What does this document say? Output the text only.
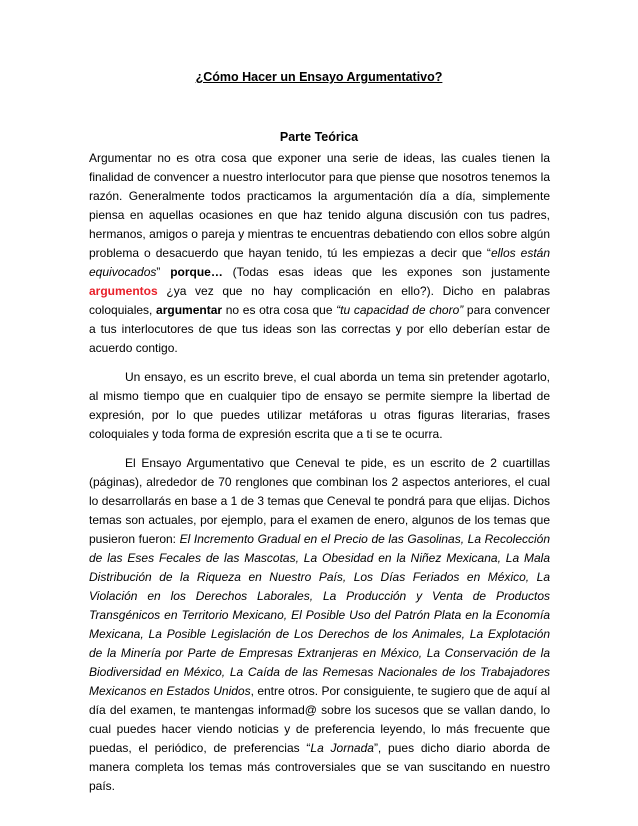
¿Cómo Hacer un Ensayo Argumentativo?
Parte Teórica

Argumentar no es otra cosa que exponer una serie de ideas, las cuales tienen la finalidad de convencer a nuestro interlocutor para que piense que nosotros tenemos la razón. Generalmente todos practicamos la argumentación día a día, simplemente piensa en aquellas ocasiones en que haz tenido alguna discusión con tus padres, hermanos, amigos o pareja y mientras te encuentras debatiendo con ellos sobre algún problema o desacuerdo que hayan tenido, tú les empiezas a decir que “ellos están equivocados” porque… (Todas esas ideas que les expones son justamente argumentos ¿ya vez que no hay complicación en ello?). Dicho en palabras coloquiales, argumentar no es otra cosa que “tu capacidad de choro” para convencer a tus interlocutores de que tus ideas son las correctas y por ello deberían estar de acuerdo contigo.

Un ensayo, es un escrito breve, el cual aborda un tema sin pretender agotarlo, al mismo tiempo que en cualquier tipo de ensayo se permite siempre la libertad de expresión, por lo que puedes utilizar metáforas u otras figuras literarias, frases coloquiales y toda forma de expresión escrita que a ti se te ocurra.

El Ensayo Argumentativo que Ceneval te pide, es un escrito de 2 cuartillas (páginas), alrededor de 70 renglones que combinan los 2 aspectos anteriores, el cual lo desarrollarás en base a 1 de 3 temas que Ceneval te pondrá para que elijas. Dichos temas son actuales, por ejemplo, para el examen de enero, algunos de los temas que pusieron fueron: El Incremento Gradual en el Precio de las Gasolinas, La Recolección de las Eses Fecales de las Mascotas, La Obesidad en la Niñez Mexicana, La Mala Distribución de la Riqueza en Nuestro País, Los Días Feriados en México, La Violación en los Derechos Laborales, La Producción y Venta de Productos Transgénicos en Territorio Mexicano, El Posible Uso del Patrón Plata en la Economía Mexicana, La Posible Legislación de Los Derechos de los Animales, La Explotación de la Minería por Parte de Empresas Extranjeras en México, La Conservación de la Biodiversidad en México, La Caída de las Remesas Nacionales de los Trabajadores Mexicanos en Estados Unidos, entre otros. Por consiguiente, te sugiero que de aquí al día del examen, te mantengas informad@ sobre los sucesos que se vallan dando, lo cual puedes hacer viendo noticias y de preferencia leyendo, lo más frecuente que puedas, el periódico, de preferencias “La Jornada”, pues dicho diario aborda de manera completa los temas más controversiales que se van suscitando en nuestro país.
